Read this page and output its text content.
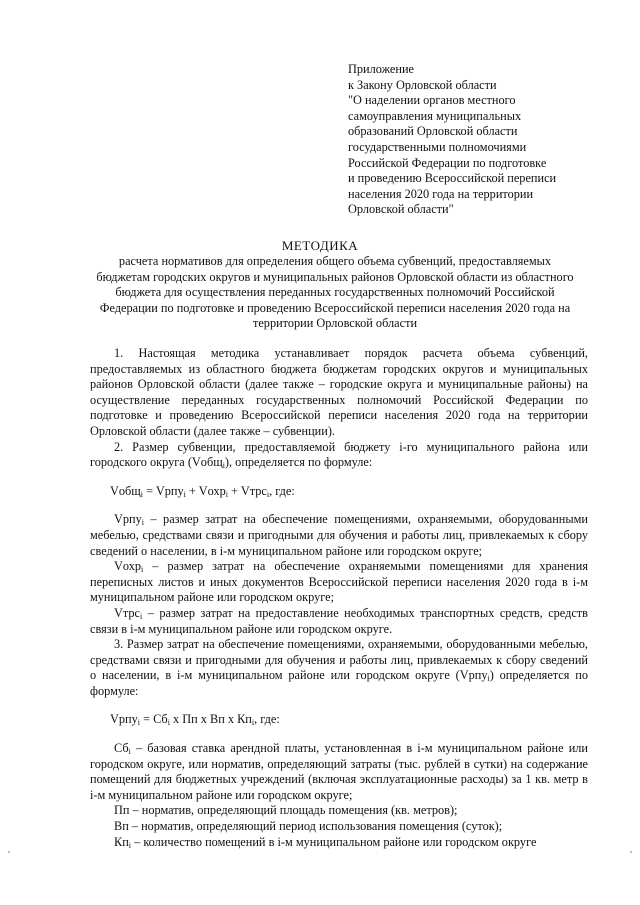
Приложение
к Закону Орловской области
"О наделении органов местного
самоуправления муниципальных
образований Орловской области
государственными полномочиями
Российской Федерации по подготовке
и проведению Всероссийской переписи
населения 2020 года на территории
Орловской области"
МЕТОДИКА
расчета нормативов для определения общего объема субвенций, предоставляемых бюджетам городских округов и муниципальных районов Орловской области из областного бюджета для осуществления переданных государственных полномочий Российской Федерации по подготовке и проведению Всероссийской переписи населения 2020 года на территории Орловской области

1. Настоящая методика устанавливает порядок расчета объема субвенций, предоставляемых из областного бюджета бюджетам городских округов и муниципальных районов Орловской области (далее также – городские округа и муниципальные районы) на осуществление переданных государственных полномочий Российской Федерации по подготовке и проведению Всероссийской переписи населения 2020 года на территории Орловской области (далее также – субвенции).

2. Размер субвенции, предоставляемой бюджету i-го муниципального района или городского округа (Vобщ$_i$), определяется по формуле:

Vобщ$_i$ = Vрпу$_i$ + Vохр$_i$ + Vтрс$_i$, где:

Vрпу$_i$ – размер затрат на обеспечение помещениями, охраняемыми, оборудованными мебелью, средствами связи и пригодными для обучения и работы лиц, привлекаемых к сбору сведений о населении, в i-м муниципальном районе или городском округе;

Vохр$_i$ – размер затрат на обеспечение охраняемыми помещениями для хранения переписных листов и иных документов Всероссийской переписи населения 2020 года в i-м муниципальном районе или городском округе;

Vтрс$_i$ – размер затрат на предоставление необходимых транспортных средств, средств связи в i-м муниципальном районе или городском округе.

3. Размер затрат на обеспечение помещениями, охраняемыми, оборудованными мебелью, средствами связи и пригодными для обучения и работы лиц, привлекаемых к сбору сведений о населении, в i-м муниципальном районе или городском округе (Vрпу$_i$) определяется по формуле:

Vрпу$_i$ = $Сб_i$ х Пп х Вп х $Кп_i$, где:

$Сб_i$ – базовая ставка арендной платы, установленная в i-м муниципальном районе или городском округе, или норматив, определяющий затраты (тыс. рублей в сутки) на содержание помещений для бюджетных учреждений (включая эксплуатационные расходы) за 1 кв. метр в i-м муниципальном районе или городском округе;

Пп – норматив, определяющий площадь помещения (кв. метров);

Вп – норматив, определяющий период использования помещения (суток);

$Кп_i$ – количество помещений в i-м муниципальном районе или городском округе
